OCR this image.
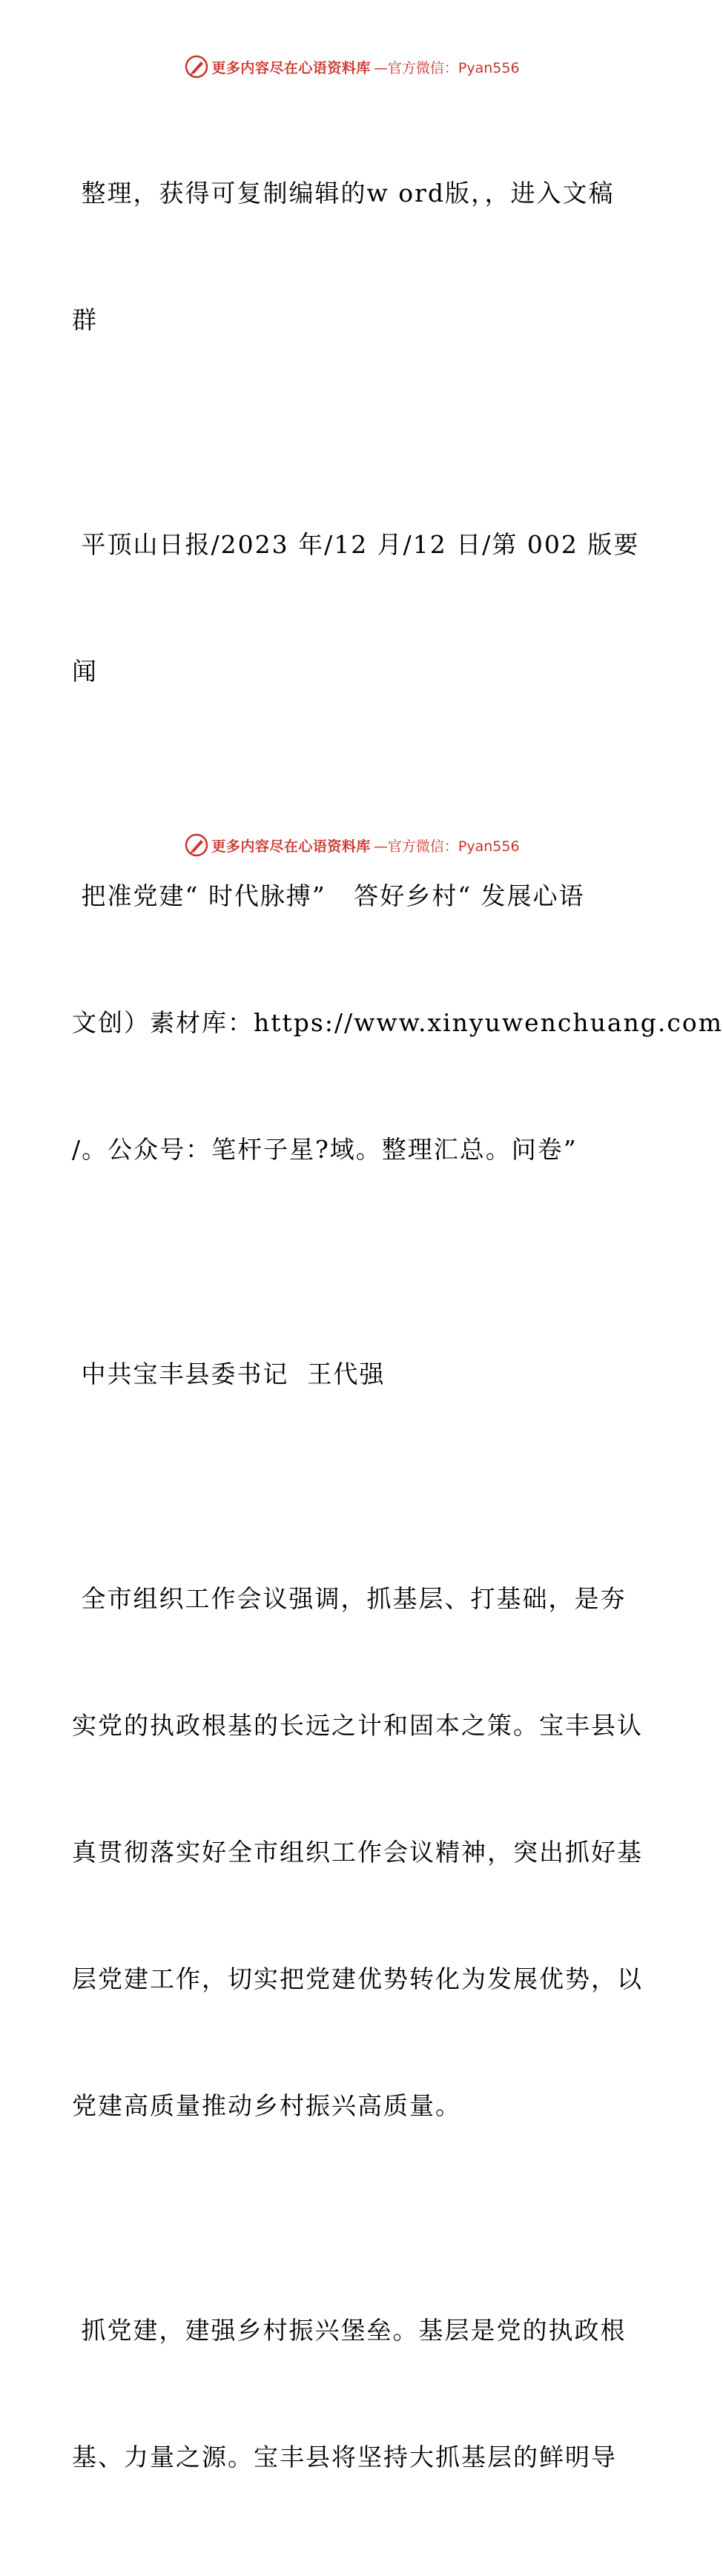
更多内容尽在心语资料库 —官方微信：Pyan556

整理，获得可复制编辑的w ord版，，进入文稿

群

平顶山日报/2023 年/12 月/12 日/第 002 版要

闻

把准党建“ 时代脉搏”   答好乡村“ 发展心语

文创）素材库：https://www.xinyuwenchuang.com

/。公众号：笔杆子星?域。整理汇总。问卷”

中共宝丰县委书记  王代强

全市组织工作会议强调，抓基层、打基础，是夯

实党的执政根基的长远之计和固本之策。宝丰县认

真贯彻落实好全市组织工作会议精神，突出抓好基

层党建工作，切实把党建优势转化为发展优势，以

党建高质量推动乡村振兴高质量。

抓党建，建强乡村振兴堡垒。基层是党的执政根

基、力量之源。宝丰县将坚持大抓基层的鲜明导

更多内容尽在心语资料库 —官方微信：Pyan556
